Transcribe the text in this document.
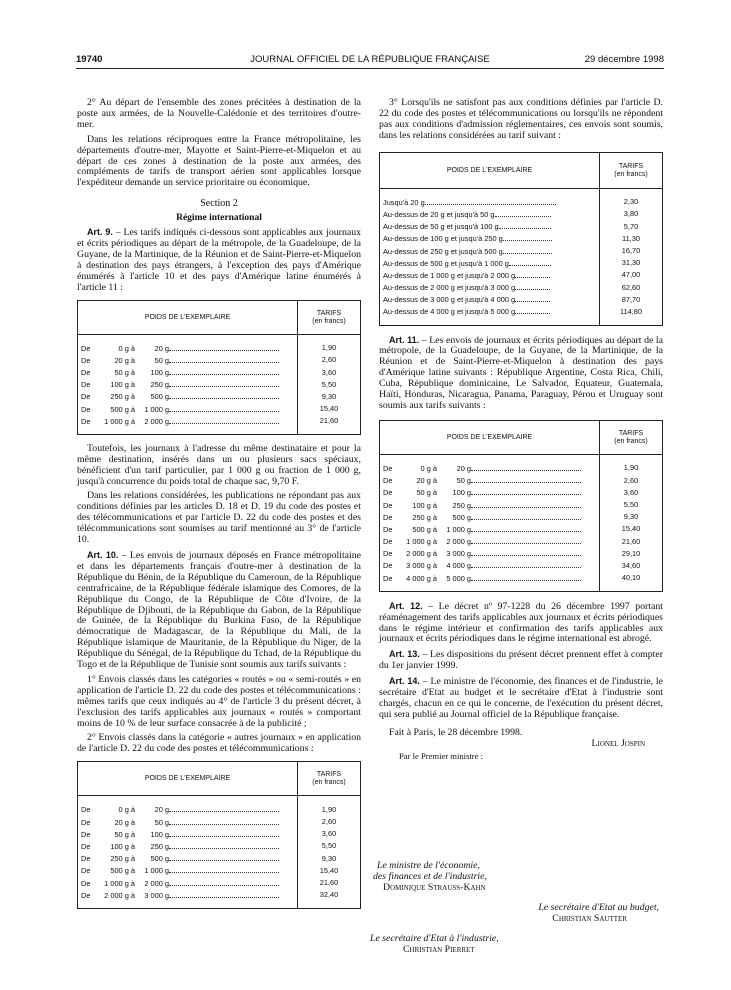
19740	JOURNAL OFFICIEL DE LA RÉPUBLIQUE FRANÇAISE	29 décembre 1998

2° Au départ de l'ensemble des zones précitées à destination de la poste aux armées, de la Nouvelle-Calédonie et des territoires d'outre-mer.

Dans les relations réciproques entre la France métropolitaine, les départements d'outre-mer, Mayotte et Saint-Pierre-et-Miquelon et au départ de ces zones à destination de la poste aux armées, des compléments de tarifs de transport aérien sont applicables lorsque l'expéditeur demande un service prioritaire ou économique.

Section 2
Régime international

Art. 9. – Les tarifs indiqués ci-dessous sont applicables aux journaux et écrits périodiques au départ de la métropole, de la Guadeloupe, de la Guyane, de la Martinique, de la Réunion et de Saint-Pierre-et-Miquelon à destination des pays étrangers, à l'exception des pays d'Amérique énumérés à l'article 10 et des pays d'Amérique latine énumérés à l'article 11 :

POIDS DE L'EXEMPLAIRE	TARIFS
(en francs)
De 0 g à 20 g	1,90
De 20 g à 50 g	2,60
De 50 g à 100 g	3,60
De 100 g à 250 g	5,50
De 250 g à 500 g	9,30
De 500 g à 1 000 g	15,40
De 1 000 g à 2 000 g	21,60

Toutefois, les journaux à l'adresse du même destinataire et pour la même destination, insérés dans un ou plusieurs sacs spéciaux, bénéficient d'un tarif particulier, par 1 000 g ou fraction de 1 000 g, jusqu'à concurrence du poids total de chaque sac, 9,70 F.

Dans les relations considérées, les publications ne répondant pas aux conditions définies par les articles D. 18 et D. 19 du code des postes et des télécommunications et par l'article D. 22 du code des postes et des télécommunications sont soumises au tarif mentionné au 3° de l'article 10.

Art. 10. – Les envois de journaux déposés en France métropolitaine et dans les départements français d'outre-mer à destination de la République du Bénin, de la République du Cameroun, de la République centrafricaine, de la République fédérale islamique des Comores, de la République du Congo, de la République de Côte d'Ivoire, de la République de Djibouti, de la République du Gabon, de la République de Guinée, de la République du Burkina Faso, de la République démocratique de Madagascar, de la République du Mali, de la République islamique de Mauritanie, de la République du Niger, de la République du Sénégal, de la République du Tchad, de la République du Togo et de la République de Tunisie sont soumis aux tarifs suivants :

1° Envois classés dans les catégories « routés » ou « semi-routés » en application de l'article D. 22 du code des postes et télécommunications : mêmes tarifs que ceux indiqués au 4° de l'article 3 du présent décret, à l'exclusion des tarifs applicables aux journaux « routés » comportant moins de 10 % de leur surface consacrée à de la publicité ;

2° Envois classés dans la catégorie « autres journaux » en application de l'article D. 22 du code des postes et télécommunications :

POIDS DE L'EXEMPLAIRE	TARIFS
(en francs)
De 0 g à 20 g	1,90
De 20 g à 50 g	2,60
De 50 g à 100 g	3,60
De 100 g à 250 g	5,50
De 250 g à 500 g	9,30
De 500 g à 1 000 g	15,40
De 1 000 g à 2 000 g	21,60
De 2 000 g à 3 000 g	32,40

3° Lorsqu'ils ne satisfont pas aux conditions définies par l'article D. 22 du code des postes et télécommunications ou lorsqu'ils ne répondent pas aux conditions d'admission réglementaires, ces envois sont soumis, dans les relations considérées au tarif suivant :

POIDS DE L'EXEMPLAIRE	TARIFS
(en francs)
Jusqu'à 20 g	2,30
Au-dessus de 20 g et jusqu'à 50 g	3,80
Au-dessus de 50 g et jusqu'à 100 g	5,70
Au-dessus de 100 g et jusqu'à 250 g	11,30
Au-dessus de 250 g et jusqu'à 500 g	16,70
Au-dessus de 500 g et jusqu'à 1 000 g	31,30
Au-dessus de 1 000 g et jusqu'à 2 000 g	47,00
Au-dessus de 2 000 g et jusqu'à 3 000 g	62,60
Au-dessus de 3 000 g et jusqu'à 4 000 g	87,70
Au-dessus de 4 000 g et jusqu'à 5 000 g	114,80

Art. 11. – Les envois de journaux et écrits périodiques au départ de la métropole, de la Guadeloupe, de la Guyane, de la Martinique, de la Réunion et de Saint-Pierre-et-Miquelon à destination des pays d'Amérique latine suivants : République Argentine, Costa Rica, Chili, Cuba, République dominicaine, Le Salvador, Equateur, Guatemala, Haïti, Honduras, Nicaragua, Panama, Paraguay, Pérou et Uruguay sont soumis aux tarifs suivants :

POIDS DE L'EXEMPLAIRE	TARIFS
(en francs)
De 0 g à 20 g	1,90
De 20 g à 50 g	2,60
De 50 g à 100 g	3,60
De 100 g à 250 g	5,50
De 250 g à 500 g	9,30
De 500 g à 1 000 g	15,40
De 1 000 g à 2 000 g	21,60
De 2 000 g à 3 000 g	29,10
De 3 000 g à 4 000 g	34,60
De 4 000 g à 5 000 g	40,10

Art. 12. – Le décret nº 97-1228 du 26 décembre 1997 portant réaménagement des tarifs applicables aux journaux et écrits périodiques dans le régime intérieur et confirmation des tarifs applicables aux journaux et écrits périodiques dans le régime international est abrogé.

Art. 13. – Les dispositions du présent décret prennent effet à compter du 1er janvier 1999.

Art. 14. – Le ministre de l'économie, des finances et de l'industrie, le secrétaire d'Etat au budget et le secrétaire d'Etat à l'industrie sont chargés, chacun en ce qui le concerne, de l'exécution du présent décret, qui sera publié au Journal officiel de la République française.

Fait à Paris, le 28 décembre 1998.
Lionel Jospin
Par le Premier ministre :
Le ministre de l'économie,
des finances et de l'industrie,
Dominique Strauss-Kahn
Le secrétaire d'Etat au budget,
Christian Sautter
Le secrétaire d'Etat à l'industrie,
Christian Pierret
